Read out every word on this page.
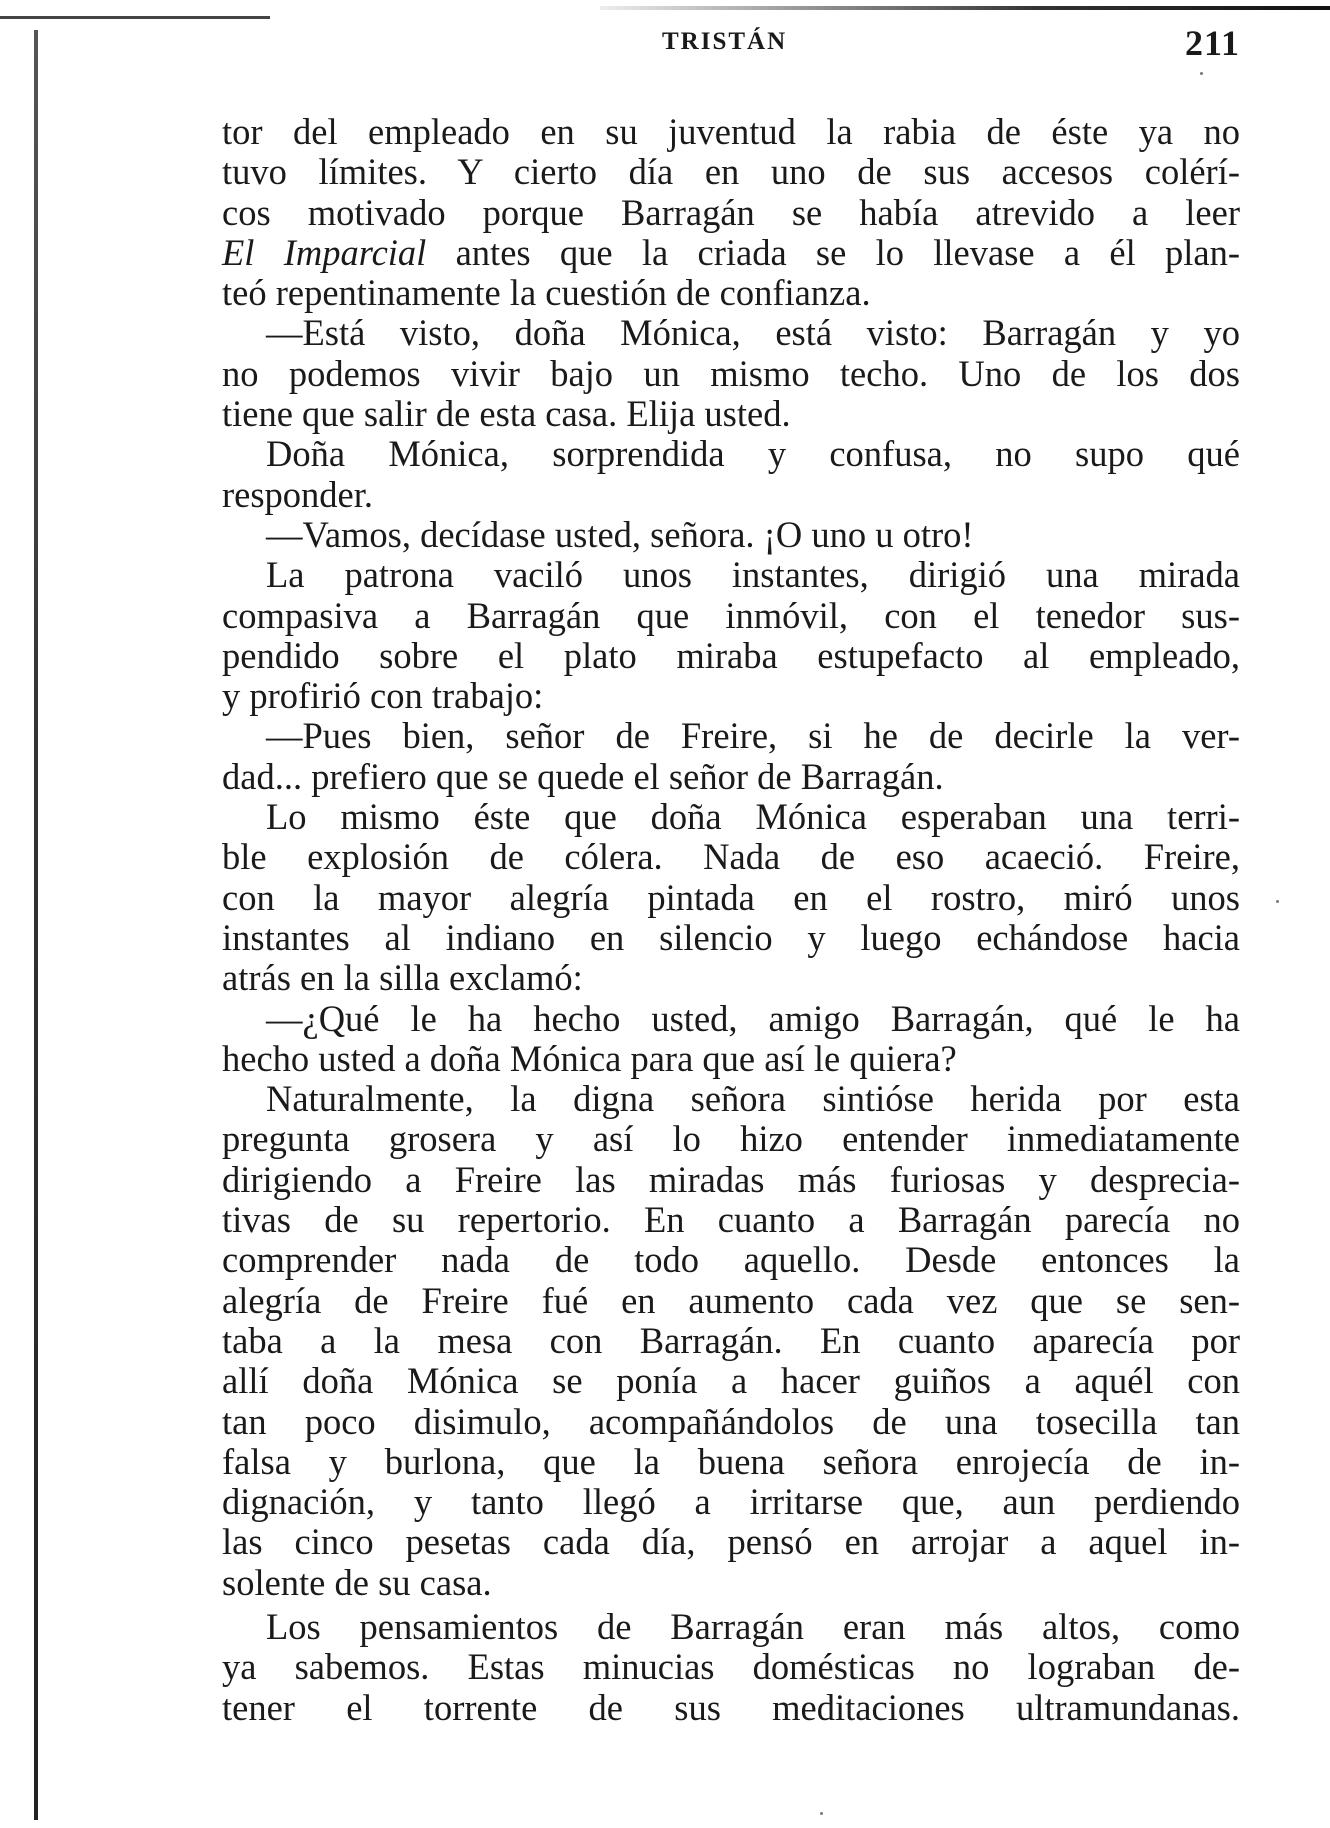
TRISTÁN	211
tor del empleado en su juventud la rabia de éste ya no
tuvo límites. Y cierto día en uno de sus accesos colérí-
cos motivado porque Barragán se había atrevido a leer
El Imparcial antes que la criada se lo llevase a él plan-
teó repentinamente la cuestión de confianza.
—Está visto, doña Mónica, está visto: Barragán y yo
no podemos vivir bajo un mismo techo. Uno de los dos
tiene que salir de esta casa. Elija usted.
Doña Mónica, sorprendida y confusa, no supo qué
responder.
—Vamos, decídase usted, señora. ¡O uno u otro!
La patrona vaciló unos instantes, dirigió una mirada
compasiva a Barragán que inmóvil, con el tenedor sus-
pendido sobre el plato miraba estupefacto al empleado,
y profirió con trabajo:
—Pues bien, señor de Freire, si he de decirle la ver-
dad... prefiero que se quede el señor de Barragán.
Lo mismo éste que doña Mónica esperaban una terri-
ble explosión de cólera. Nada de eso acaeció. Freire,
con la mayor alegría pintada en el rostro, miró unos
instantes al indiano en silencio y luego echándose hacia
atrás en la silla exclamó:
—¿Qué le ha hecho usted, amigo Barragán, qué le ha
hecho usted a doña Mónica para que así le quiera?
Naturalmente, la digna señora sintióse herida por esta
pregunta grosera y así lo hizo entender inmediatamente
dirigiendo a Freire las miradas más furiosas y desprecia-
tivas de su repertorio. En cuanto a Barragán parecía no
comprender nada de todo aquello. Desde entonces la
alegría de Freire fué en aumento cada vez que se sen-
taba a la mesa con Barragán. En cuanto aparecía por
allí doña Mónica se ponía a hacer guiños a aquél con
tan poco disimulo, acompañándolos de una tosecilla tan
falsa y burlona, que la buena señora enrojecía de in-
dignación, y tanto llegó a irritarse que, aun perdiendo
las cinco pesetas cada día, pensó en arrojar a aquel in-
solente de su casa.
Los pensamientos de Barragán eran más altos, como
ya sabemos. Estas minucias domésticas no lograban de-
tener el torrente de sus meditaciones ultramundanas.
